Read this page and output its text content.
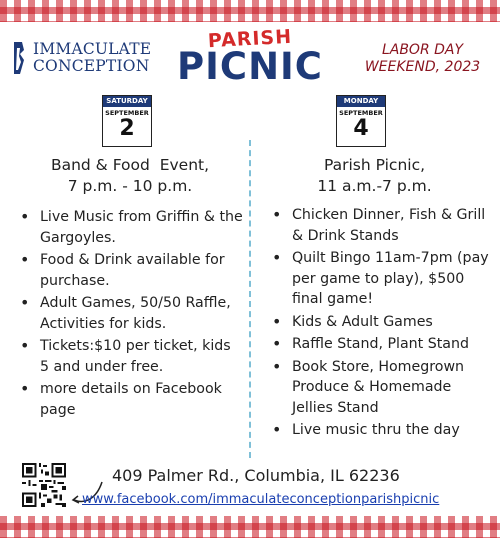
IMMACULATE
CONCEPTION
PARISH
PICNIC	LABOR DAY
WEEKEND, 2023
SATURDAY
SEPTEMBER
2
MONDAY
SEPTEMBER
4
Band & Food  Event,
7 p.m. - 10 p.m.
Parish Picnic,
11 a.m.-7 p.m.
• Live Music from Griffin & the Gargoyles.
• Food & Drink available for purchase.
• Adult Games, 50/50 Raffle, Activities for kids.
• Tickets:$10 per ticket, kids 5 and under free.
• more details on Facebook page
• Chicken Dinner, Fish & Grill & Drink Stands
• Quilt Bingo 11am-7pm (pay per game to play), $500 final game!
• Kids & Adult Games
• Raffle Stand, Plant Stand
• Book Store, Homegrown Produce & Homemade Jellies Stand
• Live music thru the day
409 Palmer Rd., Columbia, IL 62236
www.facebook.com/immaculateconceptionparishpicnic
